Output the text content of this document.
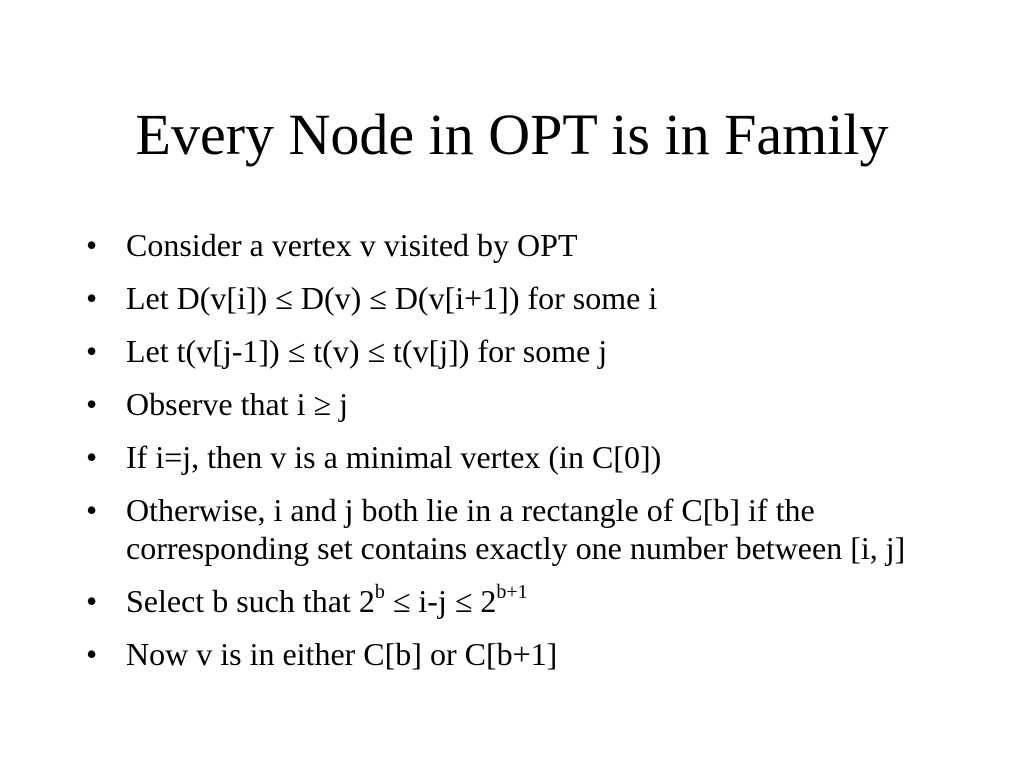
Every Node in OPT is in Family
• Consider a vertex v visited by OPT
• Let D(v[i]) ≤ D(v) ≤ D(v[i+1]) for some i
• Let t(v[j-1]) ≤ t(v) ≤ t(v[j]) for some j
• Observe that i ≥ j
• If i=j, then v is a minimal vertex (in C[0])
• Otherwise, i and j both lie in a rectangle of C[b] if the corresponding set contains exactly one number between [i, j]
• Select b such that $2^b \le i-j \le 2^{b+1}$
• Now v is in either C[b] or C[b+1]
